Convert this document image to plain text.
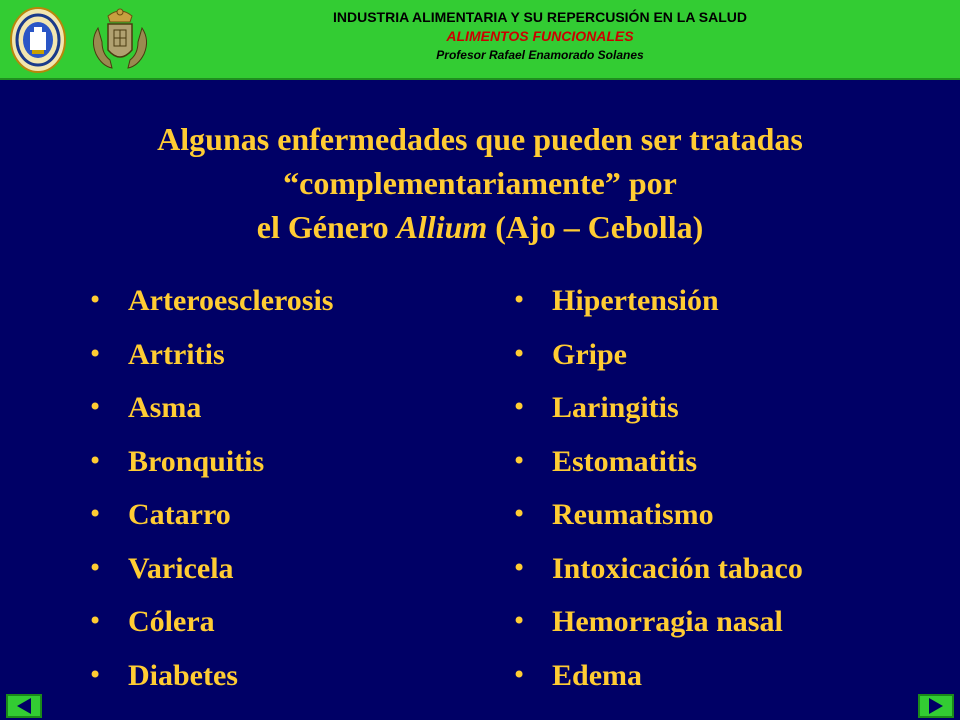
INDUSTRIA ALIMENTARIA Y SU REPERCUSIÓN EN LA SALUD
ALIMENTOS FUNCIONALES
Profesor Rafael Enamorado Solanes
Algunas enfermedades que pueden ser tratadas
“complementariamente” por
el Género Allium (Ajo – Cebolla)
• Arteroesclerosis
• Artritis
• Asma
• Bronquitis
• Catarro
• Varicela
• Cólera
• Diabetes
• Hipertensión
• Gripe
• Laringitis
• Estomatitis
• Reumatismo
• Intoxicación tabaco
• Hemorragia nasal
• Edema
